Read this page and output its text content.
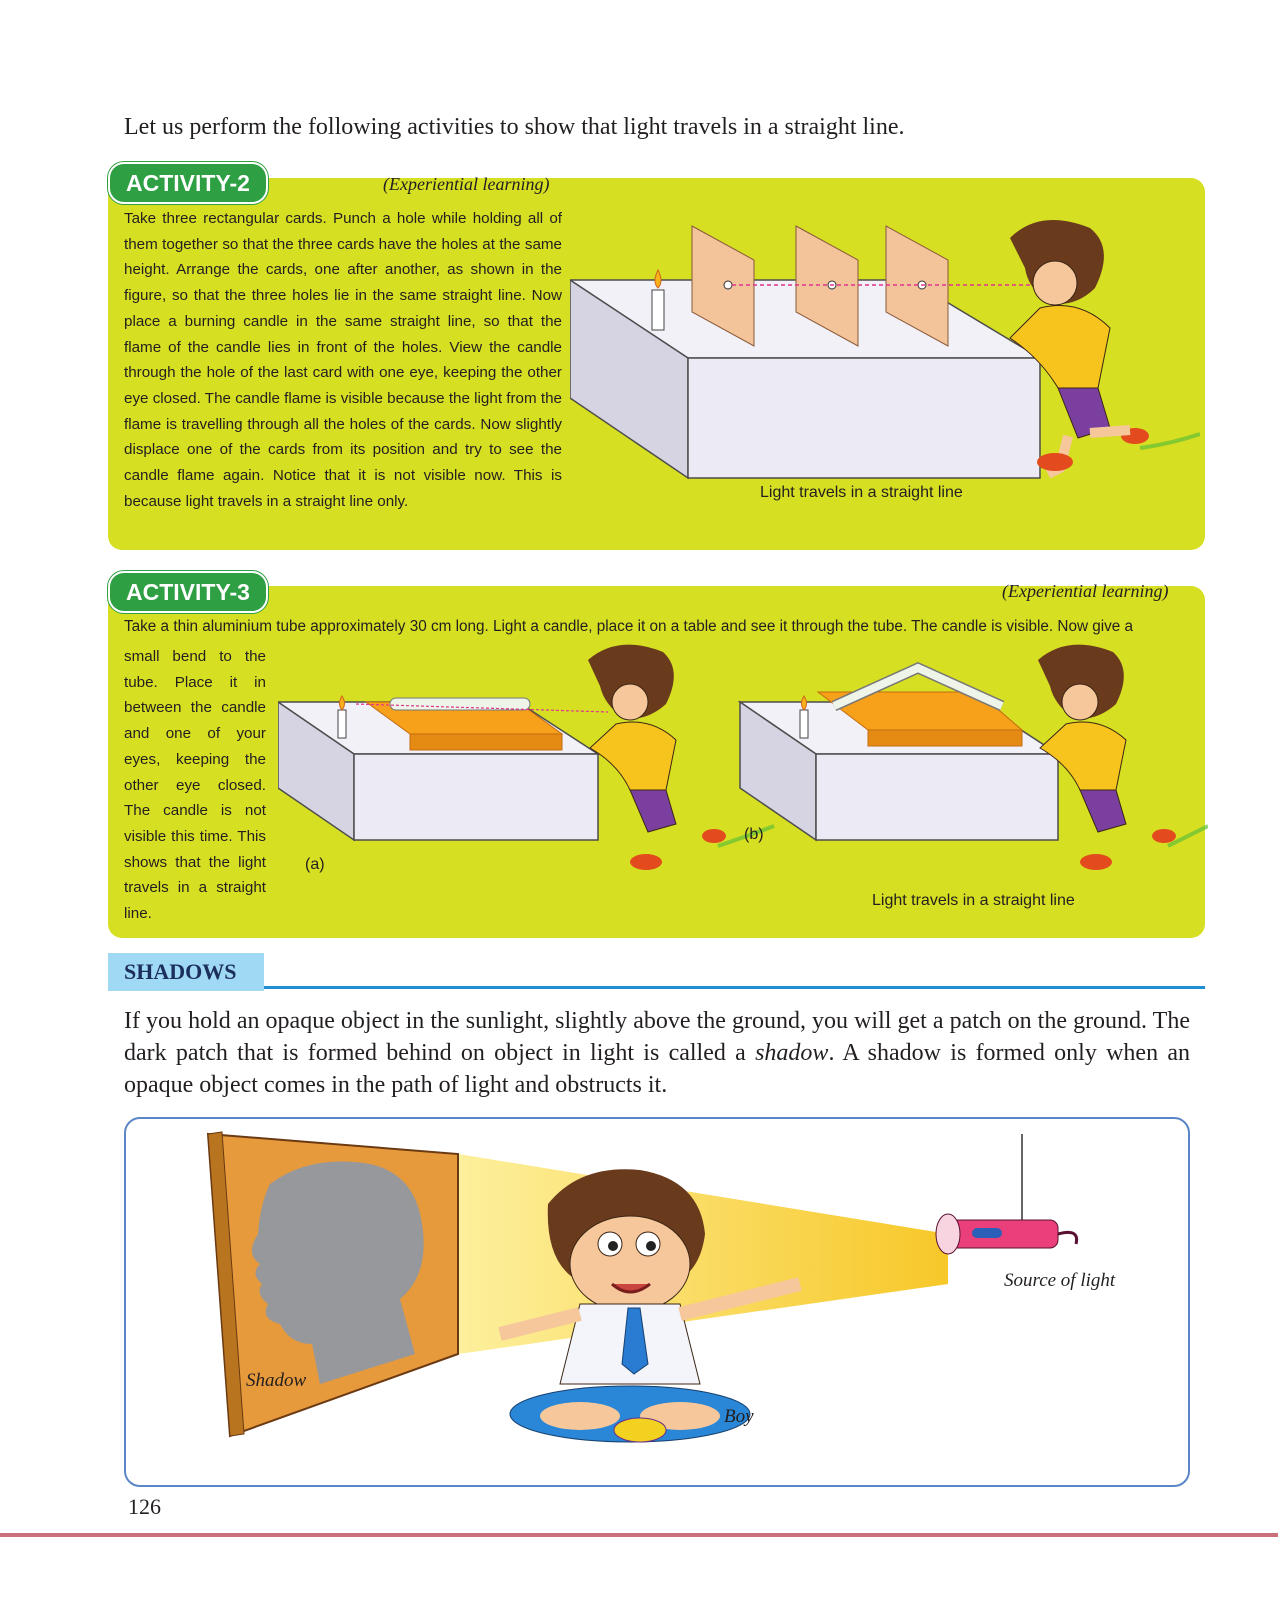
Let us perform the following activities to show that light travels in a straight line.
ACTIVITY-2	(Experiential learning)
Take three rectangular cards. Punch a hole while holding all of them together so that the three cards have the holes at the same height. Arrange the cards, one after another, as shown in the figure, so that the three holes lie in the same straight line. Now place a burning candle in the same straight line, so that the flame of the candle lies in front of the holes. View the candle through the hole of the last card with one eye, keeping the other eye closed. The candle flame is visible because the light from the flame is travelling through all the holes of the cards. Now slightly displace one of the cards from its position and try to see the candle flame again. Notice that it is not visible now. This is because light travels in a straight line only.
Light travels in a straight line
ACTIVITY-3	(Experiential learning)
Take a thin aluminium tube approximately 30 cm long. Light a candle, place it on a table and see it through the tube. The candle is visible. Now give a
small bend to the tube. Place it in between the candle and one of your eyes, keeping the other eye closed. The candle is not visible this time. This shows that the light travels in a straight line.
(a)
(b)
Light travels in a straight line
SHADOWS
If you hold an opaque object in the sunlight, slightly above the ground, you will get a patch on the ground. The dark patch that is formed behind on object in light is called a shadow. A shadow is formed only when an opaque object comes in the path of light and obstructs it.
Shadow
Boy
Source of light
126
